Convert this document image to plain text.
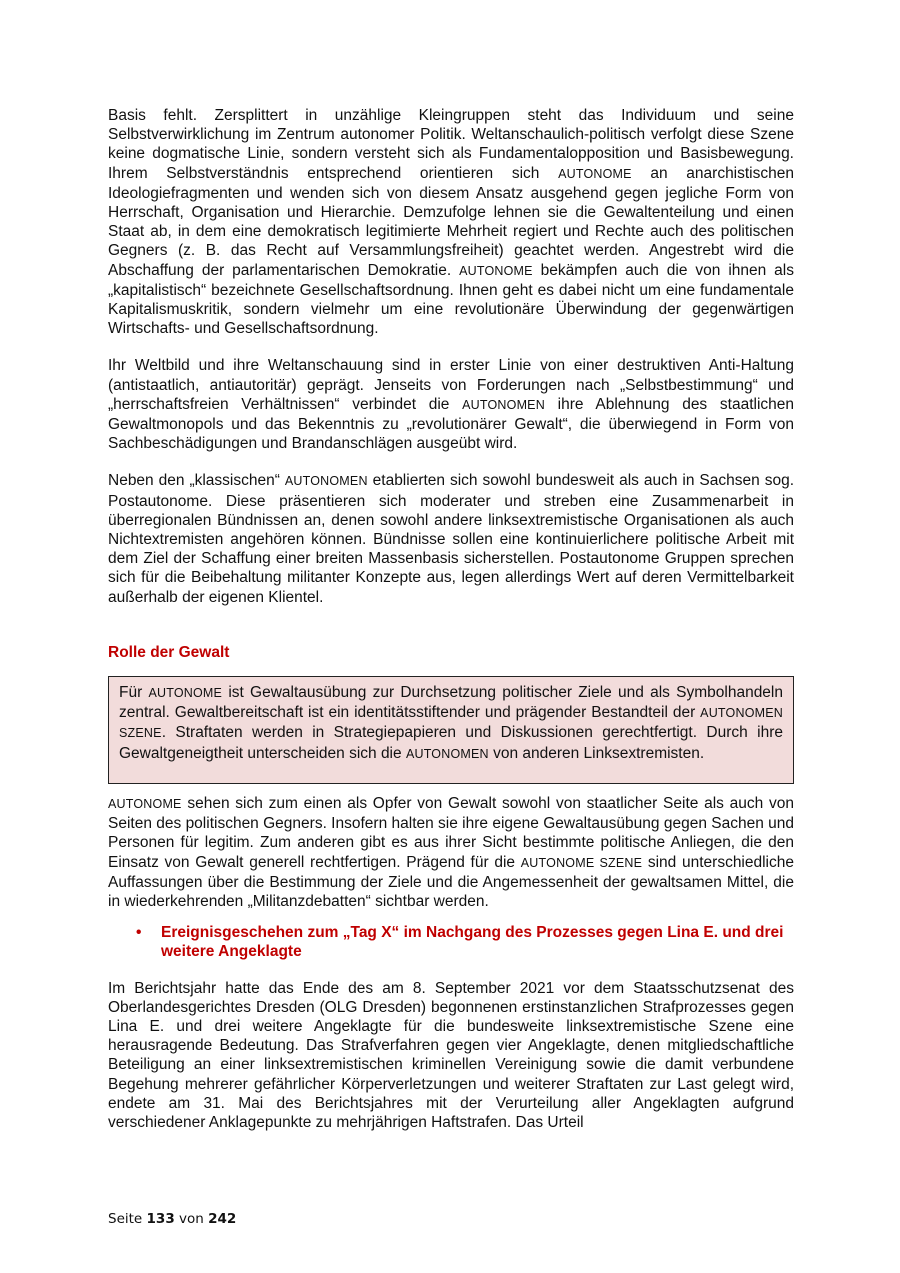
Basis fehlt. Zersplittert in unzählige Kleingruppen steht das Individuum und seine Selbstverwirklichung im Zentrum autonomer Politik. Weltanschaulich-politisch verfolgt diese Szene keine dogmatische Linie, sondern versteht sich als Fundamentalopposition und Basisbewegung. Ihrem Selbstverständnis entsprechend orientieren sich AUTONOME an anarchistischen Ideologiefragmenten und wenden sich von diesem Ansatz ausgehend gegen jegliche Form von Herrschaft, Organisation und Hierarchie. Demzufolge lehnen sie die Gewaltenteilung und einen Staat ab, in dem eine demokratisch legitimierte Mehrheit regiert und Rechte auch des politischen Gegners (z. B. das Recht auf Versammlungsfreiheit) geachtet werden. Angestrebt wird die Abschaffung der parlamentarischen Demokratie. AUTONOME bekämpfen auch die von ihnen als „kapitalistisch“ bezeichnete Gesellschaftsordnung. Ihnen geht es dabei nicht um eine fundamentale Kapitalismuskritik, sondern vielmehr um eine revolutionäre Überwindung der gegenwärtigen Wirtschafts- und Gesellschaftsordnung.

Ihr Weltbild und ihre Weltanschauung sind in erster Linie von einer destruktiven Anti-Haltung (antistaatlich, antiautoritär) geprägt. Jenseits von Forderungen nach „Selbstbestimmung“ und „herrschaftsfreien Verhältnissen“ verbindet die AUTONOMEN ihre Ablehnung des staatlichen Gewaltmonopols und das Bekenntnis zu „revolutionärer Gewalt“, die überwiegend in Form von Sachbeschädigungen und Brandanschlägen ausgeübt wird.

Neben den „klassischen“ AUTONOMEN etablierten sich sowohl bundesweit als auch in Sachsen sog. Postautonome. Diese präsentieren sich moderater und streben eine Zusammenarbeit in überregionalen Bündnissen an, denen sowohl andere linksextremistische Organisationen als auch Nichtextremisten angehören können. Bündnisse sollen eine kontinuierlichere politische Arbeit mit dem Ziel der Schaffung einer breiten Massenbasis sicherstellen. Postautonome Gruppen sprechen sich für die Beibehaltung militanter Konzepte aus, legen allerdings Wert auf deren Vermittelbarkeit außerhalb der eigenen Klientel.

Rolle der Gewalt
Für AUTONOME ist Gewaltausübung zur Durchsetzung politischer Ziele und als Symbolhandeln zentral. Gewaltbereitschaft ist ein identitätsstiftender und prägender Bestandteil der AUTONOMEN SZENE. Straftaten werden in Strategiepapieren und Diskussionen gerechtfertigt. Durch ihre Gewaltgeneigtheit unterscheiden sich die AUTONOMEN von anderen Linksextremisten.

AUTONOME sehen sich zum einen als Opfer von Gewalt sowohl von staatlicher Seite als auch von Seiten des politischen Gegners. Insofern halten sie ihre eigene Gewaltausübung gegen Sachen und Personen für legitim. Zum anderen gibt es aus ihrer Sicht bestimmte politische Anliegen, die den Einsatz von Gewalt generell rechtfertigen. Prägend für die AUTONOME SZENE sind unterschiedliche Auffassungen über die Bestimmung der Ziele und die Angemessenheit der gewaltsamen Mittel, die in wiederkehrenden „Militanzdebatten“ sichtbar werden.

•	Ereignisgeschehen zum „Tag X“ im Nachgang des Prozesses gegen Lina E. und drei weitere Angeklagte

Im Berichtsjahr hatte das Ende des am 8. September 2021 vor dem Staatsschutzsenat des Oberlandesgerichtes Dresden (OLG Dresden) begonnenen erstinstanzlichen Strafprozesses gegen Lina E. und drei weitere Angeklagte für die bundesweite linksextremistische Szene eine herausragende Bedeutung. Das Strafverfahren gegen vier Angeklagte, denen mitgliedschaftliche Beteiligung an einer linksextremistischen kriminellen Vereinigung sowie die damit verbundene Begehung mehrerer gefährlicher Körperverletzungen und weiterer Straftaten zur Last gelegt wird, endete am 31. Mai des Berichtsjahres mit der Verurteilung aller Angeklagten aufgrund verschiedener Anklagepunkte zu mehrjährigen Haftstrafen. Das Urteil

Seite 133 von 242
